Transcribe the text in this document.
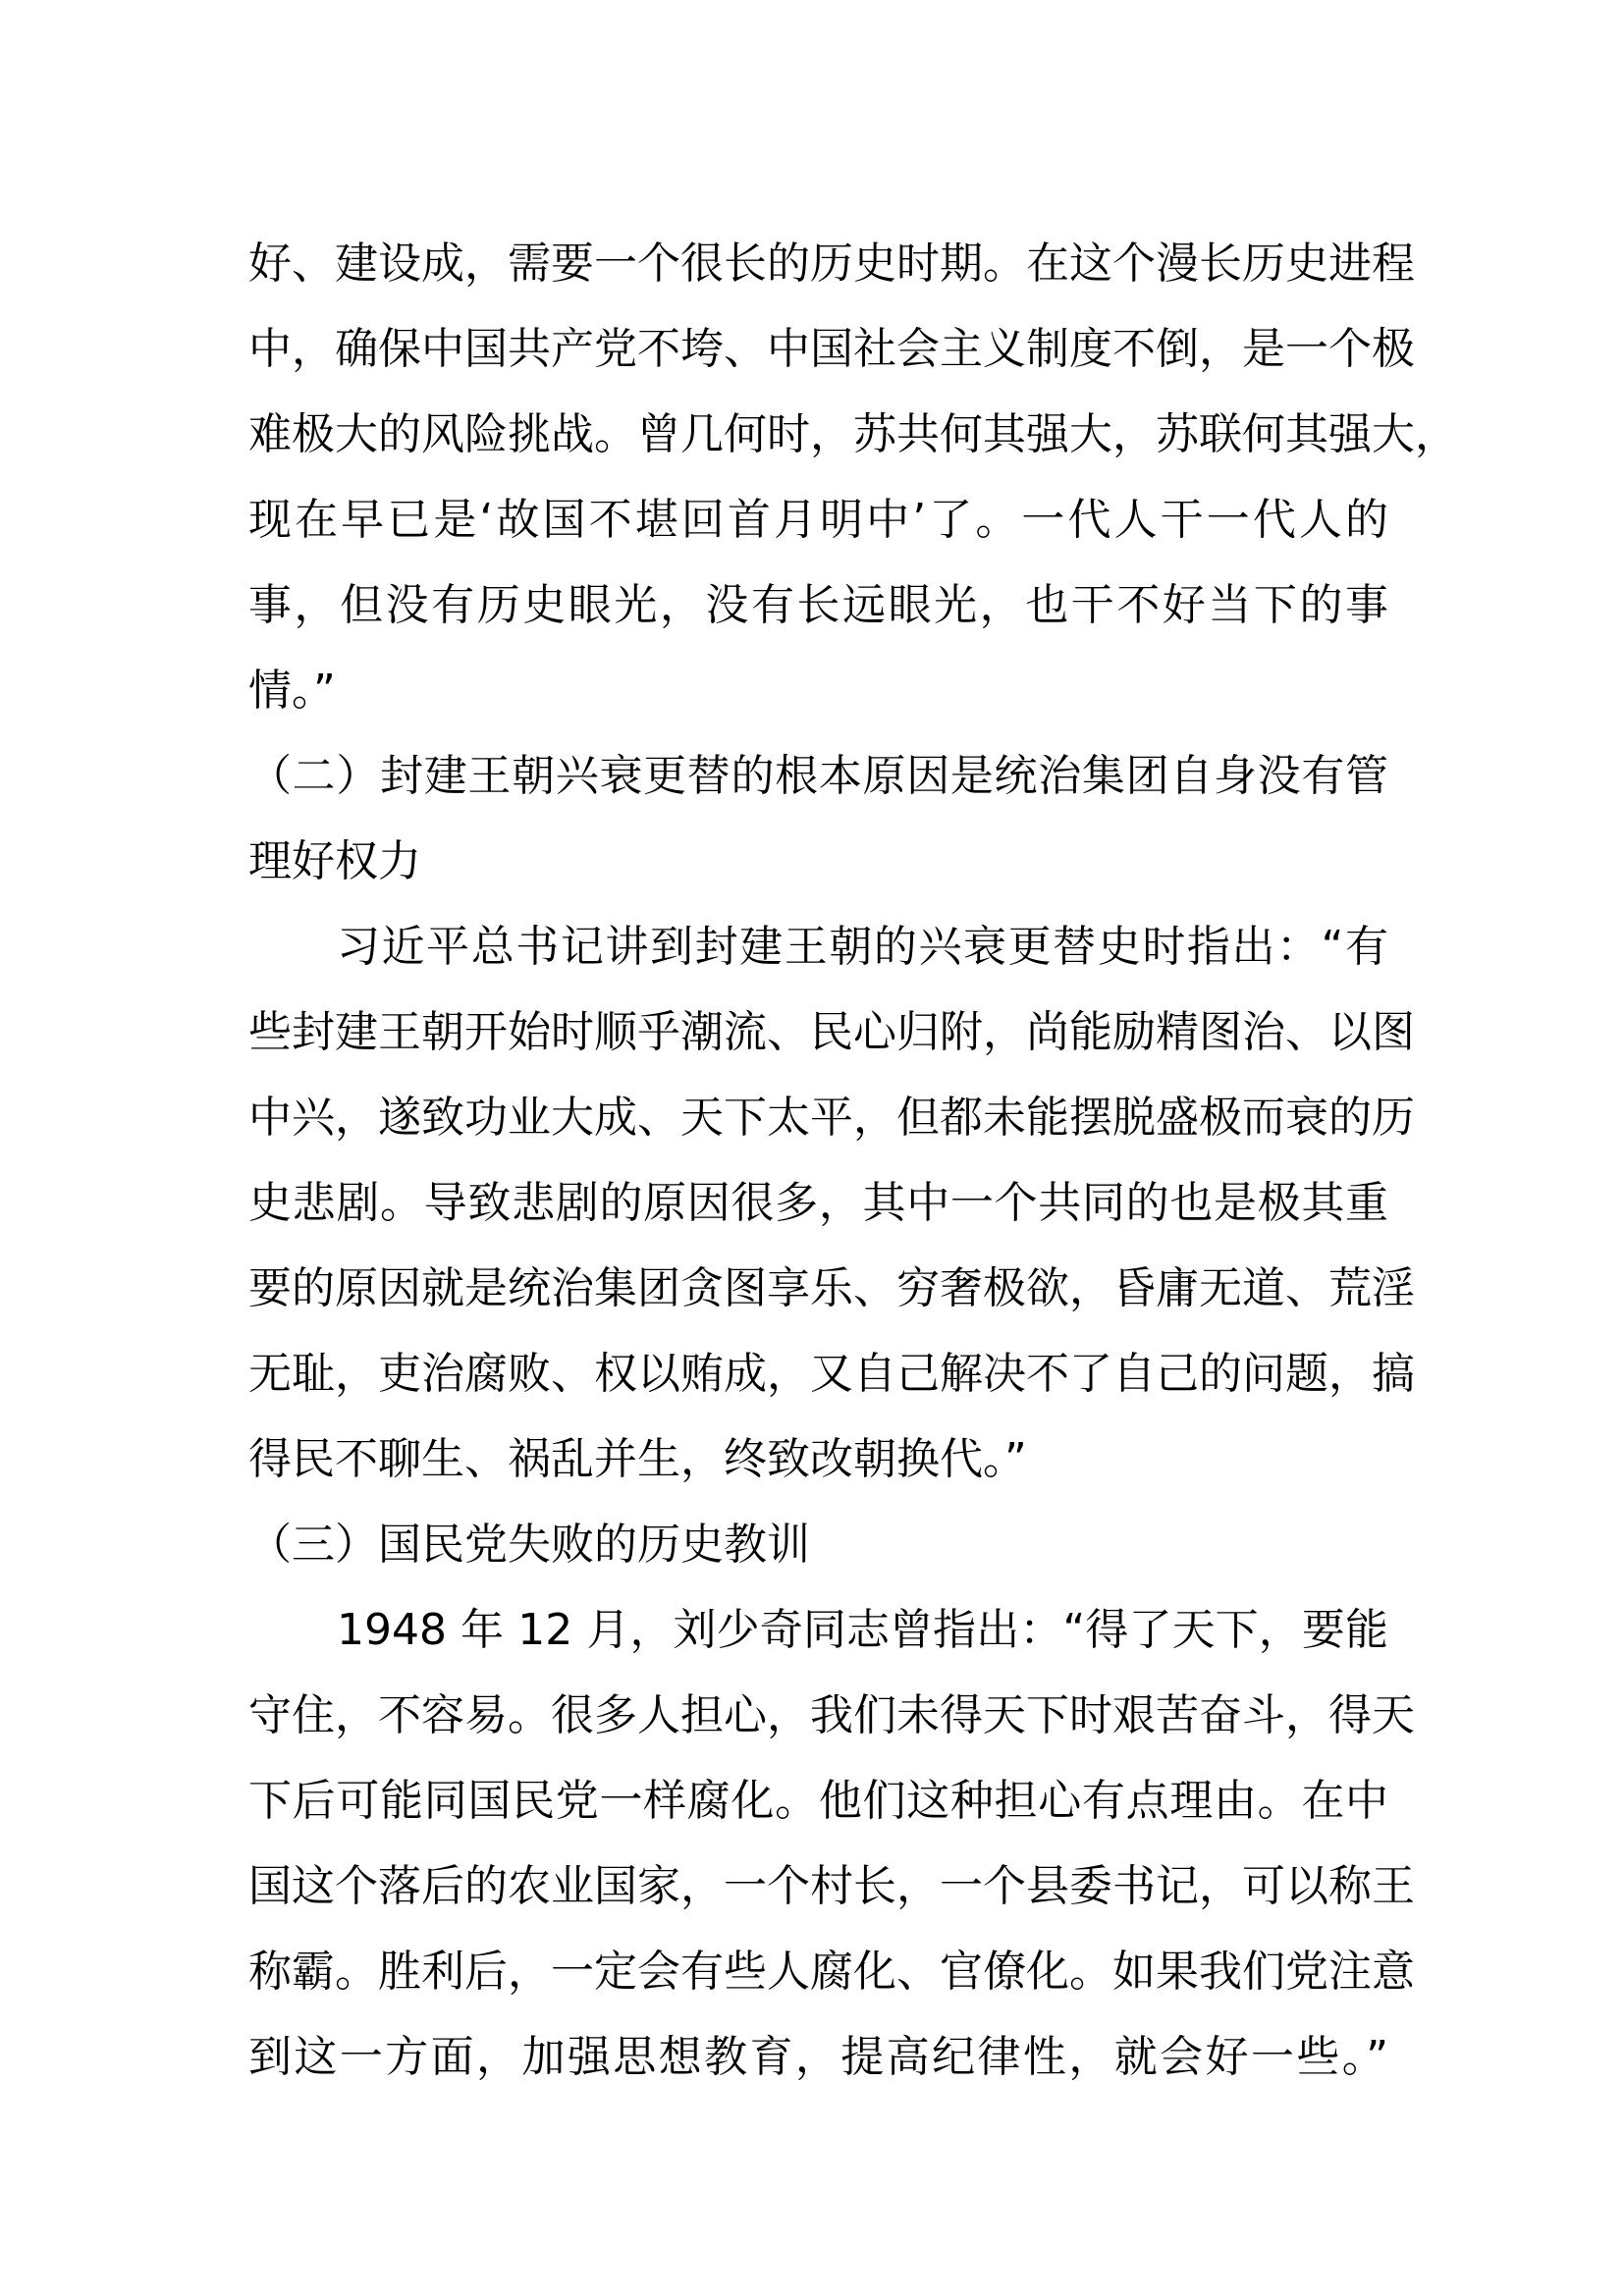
好、建设成，需要一个很长的历史时期。在这个漫长历史进程
中，确保中国共产党不垮、中国社会主义制度不倒，是一个极
难极大的风险挑战。曾几何时，苏共何其强大，苏联何其强大，
现在早已是‘故国不堪回首月明中’了。一代人干一代人的
事，但没有历史眼光，没有长远眼光，也干不好当下的事
情。”
（二）封建王朝兴衰更替的根本原因是统治集团自身没有管
理好权力
习近平总书记讲到封建王朝的兴衰更替史时指出：“有
些封建王朝开始时顺乎潮流、民心归附，尚能励精图治、以图
中兴，遂致功业大成、天下太平，但都未能摆脱盛极而衰的历
史悲剧。导致悲剧的原因很多，其中一个共同的也是极其重
要的原因就是统治集团贪图享乐、穷奢极欲，昏庸无道、荒淫
无耻，吏治腐败、权以贿成，又自己解决不了自己的问题，搞
得民不聊生、祸乱并生，终致改朝换代。”
（三）国民党失败的历史教训
1948 年 12 月，刘少奇同志曾指出：“得了天下，要能
守住，不容易。很多人担心，我们未得天下时艰苦奋斗，得天
下后可能同国民党一样腐化。他们这种担心有点理由。在中
国这个落后的农业国家，一个村长，一个县委书记，可以称王
称霸。胜利后，一定会有些人腐化、官僚化。如果我们党注意
到这一方面，加强思想教育，提高纪律性，就会好一些。”
